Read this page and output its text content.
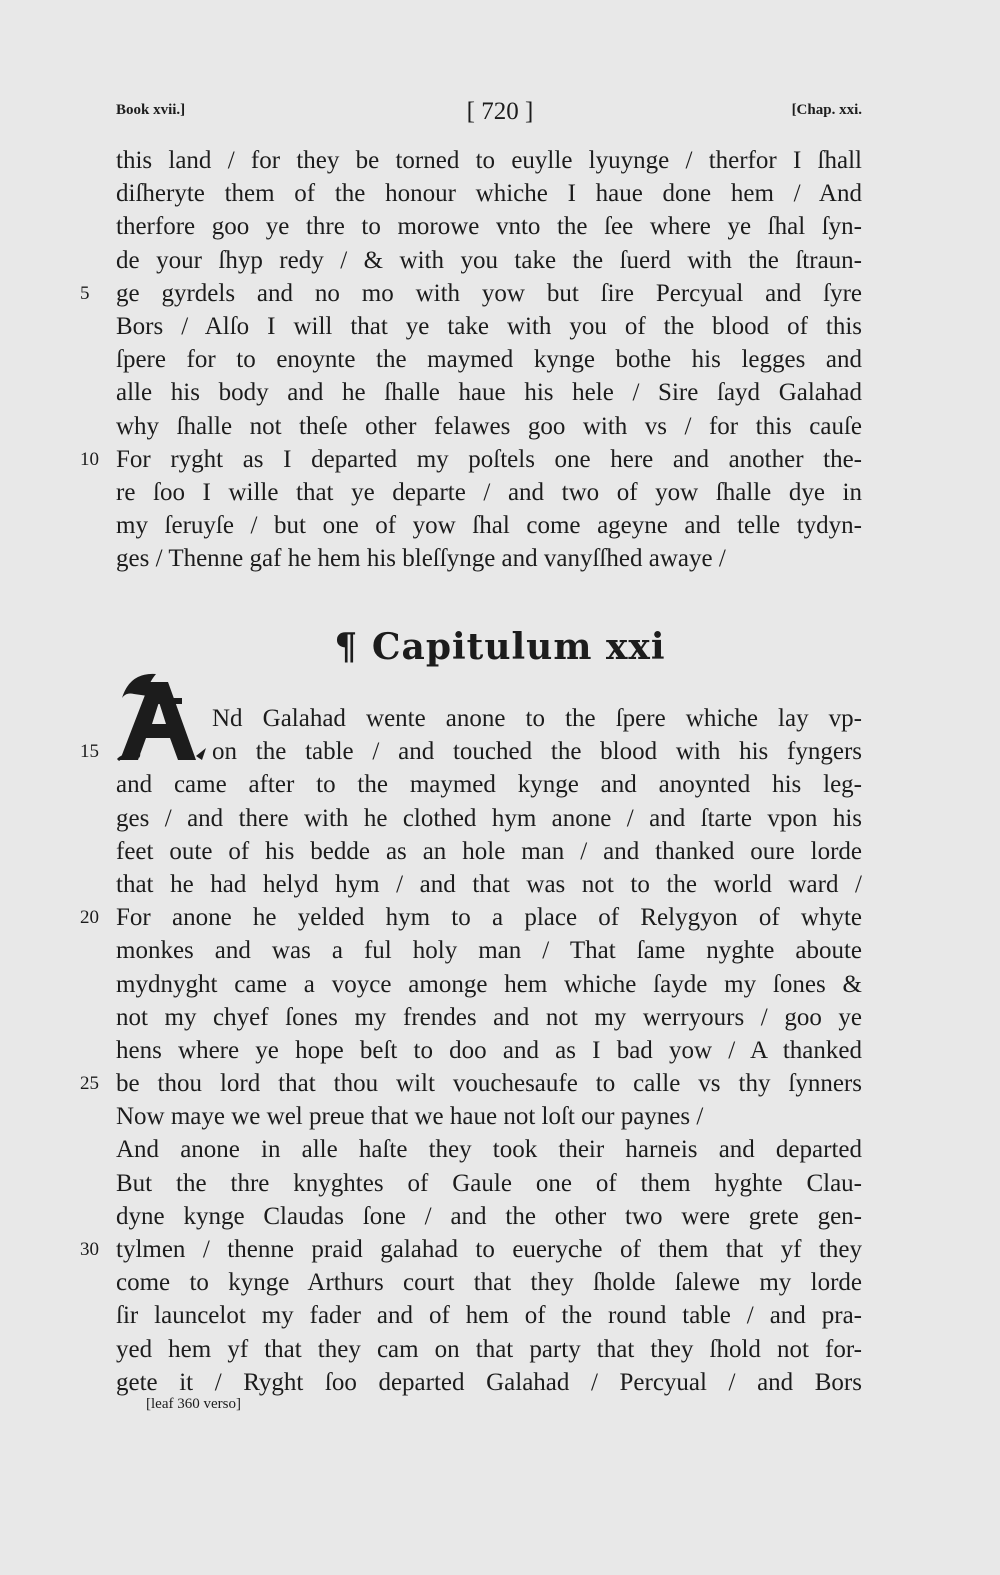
Book xvii.]	[ 720 ]	[Chap. xxi.
this land / for they be torned to euylle lyuynge / therfor I ſhall
diſheryte them of the honour whiche I haue done hem / And
therfore goo ye thre to morowe vnto the ſee where ye ſhal ſyn-
de your ſhyp redy / & with you take the ſuerd with the ſtraun-
5	ge gyrdels and no mo with yow but ſire Percyual and ſyre
Bors / Alſo I will that ye take with you of the blood of this
ſpere for to enoynte the maymed kynge bothe his legges and
alle his body and he ſhalle haue his hele / Sire ſayd Galahad
why ſhalle not theſe other felawes goo with vs / for this cauſe
10 For ryght as I departed my poſtels one here and another the-
re ſoo I wille that ye departe / and two of yow ſhalle dye in
my ſeruyſe / but one of yow ſhal come ageyne and telle tydyn-
ges / Thenne gaf he hem his bleſſynge and vanyſſhed awaye /
¶ Capitulum xxi
Nd Galahad wente anone to the ſpere whiche lay vp-
15	on the table / and touched the blood with his fyngers
and came after to the maymed kynge and anoynted his leg-
ges / and there with he clothed hym anone / and ſtarte vpon his
feet oute of his bedde as an hole man / and thanked oure lorde
that he had helyd hym / and that was not to the world ward /
20 For anone he yelded hym to a place of Relygyon of whyte
monkes and was a ful holy man / That ſame nyghte aboute
mydnyght came a voyce amonge hem whiche ſayde my ſones &
not my chyef ſones my frendes and not my werryours / goo ye
hens where ye hope beſt to doo and as I bad yow / A thanked
25 be thou lord that thou wilt vouchesaufe to calle vs thy ſynners
Now maye we wel preue that we haue not loſt our paynes /
And anone in alle haſte they took their harneis and departed
But the thre knyghtes of Gaule one of them hyghte Clau-
dyne kynge Claudas ſone / and the other two were grete gen-
30 tylmen / thenne praid galahad to eueryche of them that yf they
come to kynge Arthurs court that they ſholde ſalewe my lorde
ſir launcelot my fader and of hem of the round table / and pra-
yed hem yf that they cam on that party that they ſhold not for-
gete it / Ryght ſoo departed Galahad / Percyual / and Bors
[leaf 360 verso]
